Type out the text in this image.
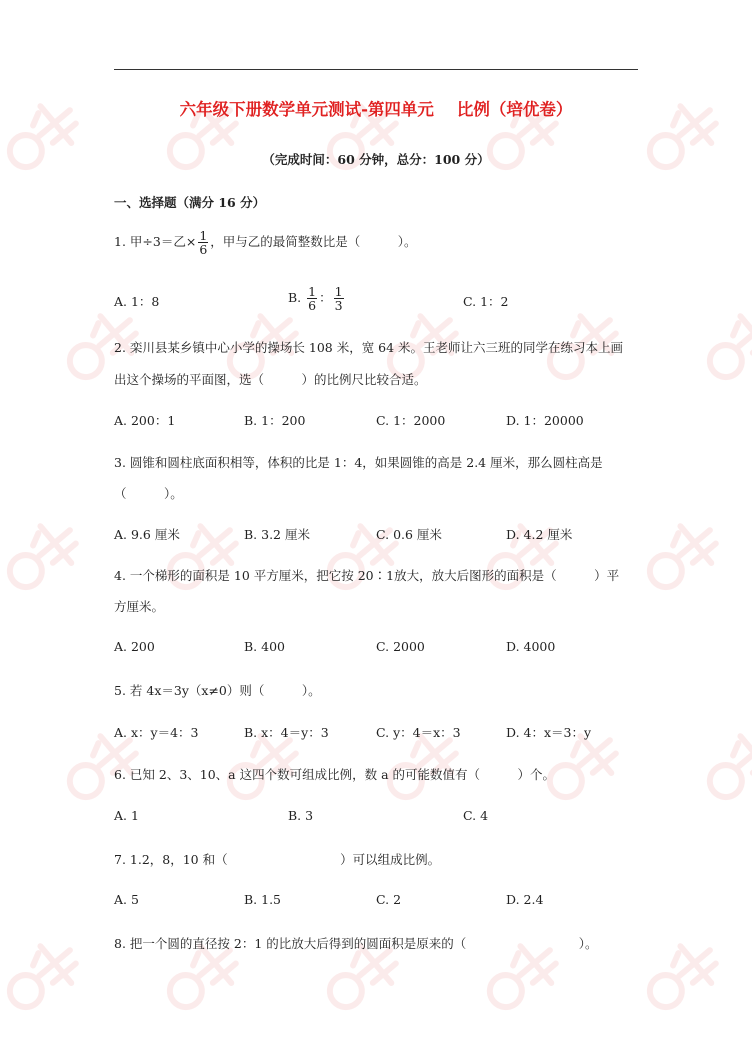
六年级下册数学单元测试-第四单元    比例（培优卷）
（完成时间：60 分钟，总分：100 分）
一、选择题（满分 16 分）
1. 甲÷3＝乙× $\frac{1}{6}$ ，甲与乙的最简整数比是（　　　）。
A. 1：8	B. $\frac{1}{6}$ ： $\frac{1}{3}$	C. 1：2
2. 栾川县某乡镇中心小学的操场长 108 米，宽 64 米。王老师让六三班的同学在练习本上画
出这个操场的平面图，选（　　　）的比例尺比较合适。
A. 200：1	B. 1：200	C. 1：2000	D. 1：20000
3. 圆锥和圆柱底面积相等，体积的比是 1：4，如果圆锥的高是 2.4 厘米，那么圆柱高是
（　　　）。
A. 9.6 厘米	B. 3.2 厘米	C. 0.6 厘米	D. 4.2 厘米
4. 一个梯形的面积是 10 平方厘米，把它按 20∶1放大，放大后图形的面积是（　　　）平
方厘米。
A. 200	B. 400	C. 2000	D. 4000
5. 若 4x＝3y（x≠0）则（　　　）。
A. x：y＝4：3	B. x：4＝y：3	C. y：4＝x：3	D. 4：x＝3：y
6. 已知 2、3、10、a 这四个数可组成比例，数 a 的可能数值有（　　　）个。
A. 1	B. 3	C. 4
7. 1.2，8，10 和（　　　　　　　　　）可以组成比例。
A. 5	B. 1.5	C. 2	D. 2.4
8. 把一个圆的直径按 2：1 的比放大后得到的圆面积是原来的（　　　　　　　　　）。
